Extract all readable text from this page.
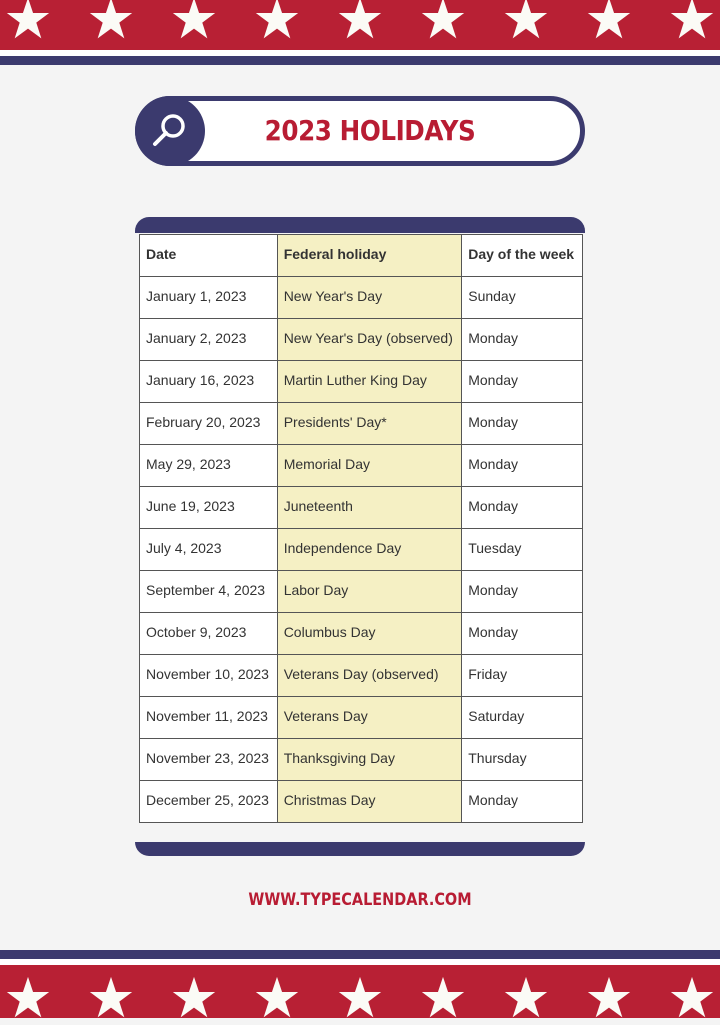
2023 HOLIDAYS
Date	Federal holiday	Day of the week
January 1, 2023	New Year's Day	Sunday
January 2, 2023	New Year's Day (observed)	Monday
January 16, 2023	Martin Luther King Day	Monday
February 20, 2023	Presidents' Day*	Monday
May 29, 2023	Memorial Day	Monday
June 19, 2023	Juneteenth	Monday
July 4, 2023	Independence Day	Tuesday
September 4, 2023	Labor Day	Monday
October 9, 2023	Columbus Day	Monday
November 10, 2023	Veterans Day (observed)	Friday
November 11, 2023	Veterans Day	Saturday
November 23, 2023	Thanksgiving Day	Thursday
December 25, 2023	Christmas Day	Monday
WWW.TYPECALENDAR.COM
